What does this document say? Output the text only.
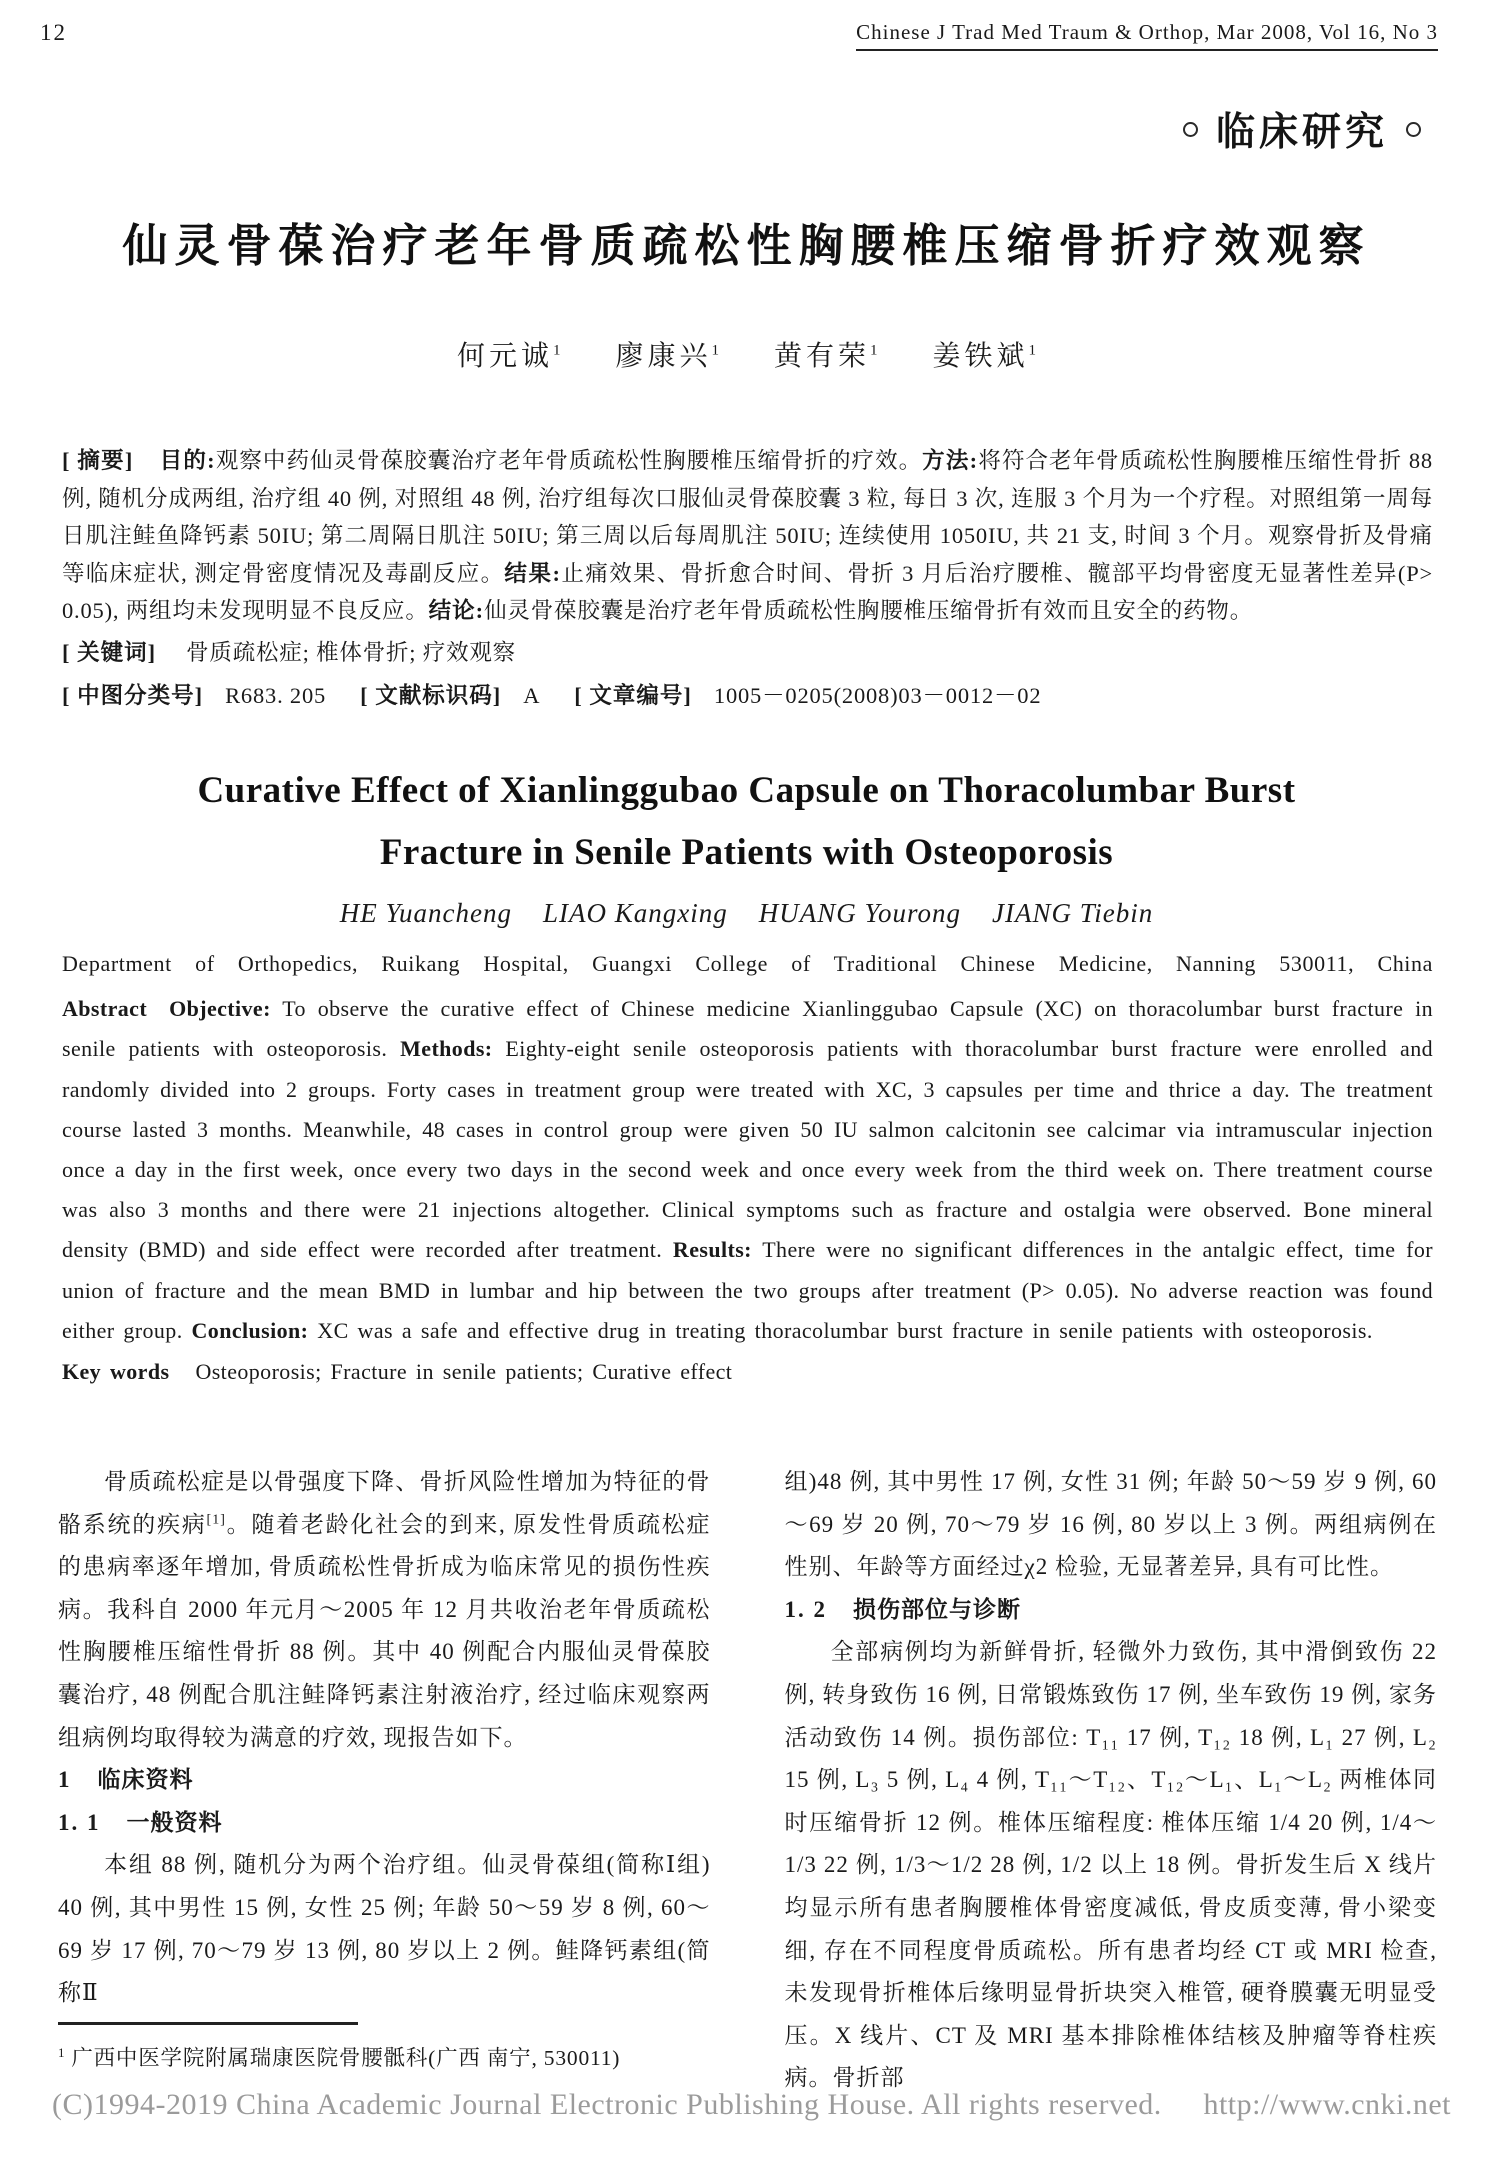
12	Chinese J Trad Med Traum & Orthop, Mar 2008, Vol 16, No 3
临床研究
仙灵骨葆治疗老年骨质疏松性胸腰椎压缩骨折疗效观察
何元诚$^1$ 廖康兴$^1$ 黄有荣$^1$ 姜铁斌$^1$
[ 摘要] 目的:观察中药仙灵骨葆胶囊治疗老年骨质疏松性胸腰椎压缩骨折的疗效。方法:将符合老年骨质疏松性胸腰椎压缩性骨折 88 例, 随机分成两组, 治疗组 40 例, 对照组 48 例, 治疗组每次口服仙灵骨葆胶囊 3 粒, 每日 3 次, 连服 3 个月为一个疗程。对照组第一周每日肌注鲑鱼降钙素 50IU; 第二周隔日肌注 50IU; 第三周以后每周肌注 50IU; 连续使用 1050IU, 共 21 支, 时间 3 个月。观察骨折及骨痛等临床症状, 测定骨密度情况及毒副反应。结果:止痛效果、骨折愈合时间、骨折 3 月后治疗腰椎、髋部平均骨密度无显著性差异(P> 0.05), 两组均未发现明显不良反应。结论:仙灵骨葆胶囊是治疗老年骨质疏松性胸腰椎压缩骨折有效而且安全的药物。
[ 关键词] 骨质疏松症; 椎体骨折; 疗效观察
[ 中图分类号] R683. 205 [ 文献标识码] A [ 文章编号] 1005－0205(2008)03－0012－02
Curative Effect of Xianlinggubao Capsule on Thoracolumbar Burst
Fracture in Senile Patients with Osteoporosis
HE Yuancheng    LIAO Kangxing    HUANG Yourong    JIANG Tiebin
Department of Orthopedics, Ruikang Hospital, Guangxi College of Traditional Chinese Medicine, Nanning 530011, China
Abstract Objective: To observe the curative effect of Chinese medicine Xianlinggubao Capsule (XC) on thoracolumbar burst fracture in senile patients with osteoporosis. Methods: Eighty-eight senile osteoporosis patients with thoracolumbar burst fracture were enrolled and randomly divided into 2 groups. Forty cases in treatment group were treated with XC, 3 capsules per time and thrice a day. The treatment course lasted 3 months. Meanwhile, 48 cases in control group were given 50 IU salmon calcitonin see calcimar via intramuscular injection once a day in the first week, once every two days in the second week and once every week from the third week on. There treatment course was also 3 months and there were 21 injections altogether. Clinical symptoms such as fracture and ostalgia were observed. Bone mineral density (BMD) and side effect were recorded after treatment. Results: There were no significant differences in the antalgic effect, time for union of fracture and the mean BMD in lumbar and hip between the two groups after treatment (P> 0.05). No adverse reaction was found either group. Conclusion: XC was a safe and effective drug in treating thoracolumbar burst fracture in senile patients with osteoporosis.
Key words Osteoporosis; Fracture in senile patients; Curative effect

骨质疏松症是以骨强度下降、骨折风险性增加为特征的骨骼系统的疾病[1]。随着老龄化社会的到来, 原发性骨质疏松症的患病率逐年增加, 骨质疏松性骨折成为临床常见的损伤性疾病。我科自 2000 年元月～2005 年 12 月共收治老年骨质疏松性胸腰椎压缩性骨折 88 例。其中 40 例配合内服仙灵骨葆胶囊治疗, 48 例配合肌注鲑降钙素注射液治疗, 经过临床观察两组病例均取得较为满意的疗效, 现报告如下。

1 临床资料

1. 1 一般资料

本组 88 例, 随机分为两个治疗组。仙灵骨葆组(简称Ⅰ组) 40 例, 其中男性 15 例, 女性 25 例; 年龄 50～59 岁 8 例, 60～69 岁 17 例, 70～79 岁 13 例, 80 岁以上 2 例。鲑降钙素组(简称Ⅱ

组)48 例, 其中男性 17 例, 女性 31 例; 年龄 50～59 岁 9 例, 60～69 岁 20 例, 70～79 岁 16 例, 80 岁以上 3 例。两组病例在性别、年龄等方面经过χ2 检验, 无显著差异, 具有可比性。

1. 2 损伤部位与诊断

全部病例均为新鲜骨折, 轻微外力致伤, 其中滑倒致伤 22 例, 转身致伤 16 例, 日常锻炼致伤 17 例, 坐车致伤 19 例, 家务活动致伤 14 例。损伤部位: T₁₁ 17 例, T₁₂ 18 例, L₁ 27 例, L₂ 15 例, L₃ 5 例, L₄ 4 例, T₁₁～T₁₂、T₁₂～L₁、L₁～L₂ 两椎体同时压缩骨折 12 例。椎体压缩程度: 椎体压缩 1/4 20 例, 1/4～1/3 22 例, 1/3～1/2 28 例, 1/2 以上 18 例。骨折发生后 X 线片均显示所有患者胸腰椎体骨密度减低, 骨皮质变薄, 骨小梁变细, 存在不同程度骨质疏松。所有患者均经 CT 或 MRI 检查, 未发现骨折椎体后缘明显骨折块突入椎管, 硬脊膜囊无明显受压。X 线片、CT 及 MRI 基本排除椎体结核及肿瘤等脊柱疾病。骨折部

$^1$ 广西中医学院附属瑞康医院骨腰骶科(广西 南宁, 530011)
(C)1994-2019 China Academic Journal Electronic Publishing House. All rights reserved. http://www.cnki.net
